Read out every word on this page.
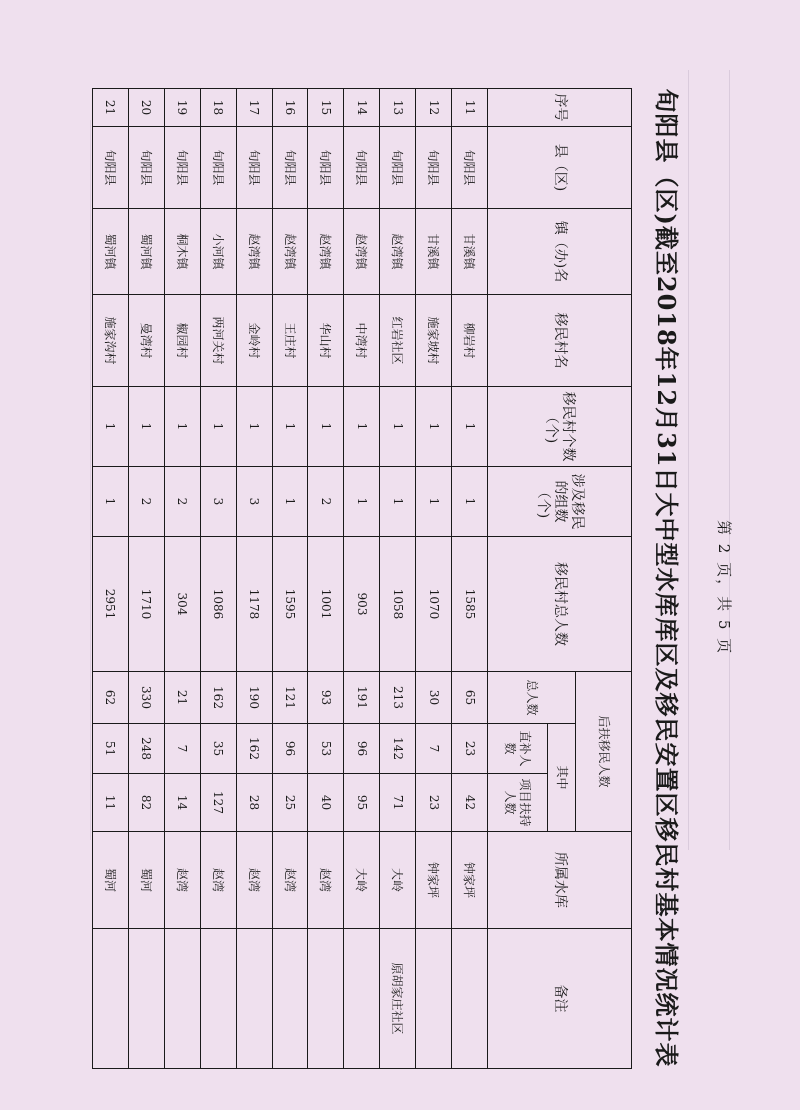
旬阳县（区)截至2018年12月31日大中型水库库区及移民安置区移民村基本情况统计表
序号	县（区)	镇（办)名	移民村名	移民村个数（个)	涉及移民的组数（个)	移民村总人数	后扶移民人数			所属水库	备注
							总人数	其中			
								直补人数	项目扶持人数		
11	旬阳县	甘溪镇	柳岩村	1	1	1585	65	23	42	钟家坪	
12	旬阳县	甘溪镇	施家坡村	1	1	1070	30	7	23	钟家坪	
13	旬阳县	赵湾镇	红岩社区	1	1	1058	213	142	71	大岭	原胡家庄社区
14	旬阳县	赵湾镇	中湾村	1	1	903	191	96	95	大岭	
15	旬阳县	赵湾镇	华山村	1	2	1001	93	53	40	赵湾	
16	旬阳县	赵湾镇	王庄村	1	1	1595	121	96	25	赵湾	
17	旬阳县	赵湾镇	金岭村	1	3	1178	190	162	28	赵湾	
18	旬阳县	小河镇	两河关村	1	3	1086	162	35	127	赵湾	
19	旬阳县	桐木镇	椒园村	1	2	304	21	7	14	赵湾	
20	旬阳县	蜀河镇	曼湾村	1	2	1710	330	248	82	蜀河	
21	旬阳县	蜀河镇	施家沟村	1	1	2951	62	51	11	蜀河	
第 2 页，共 5 页
